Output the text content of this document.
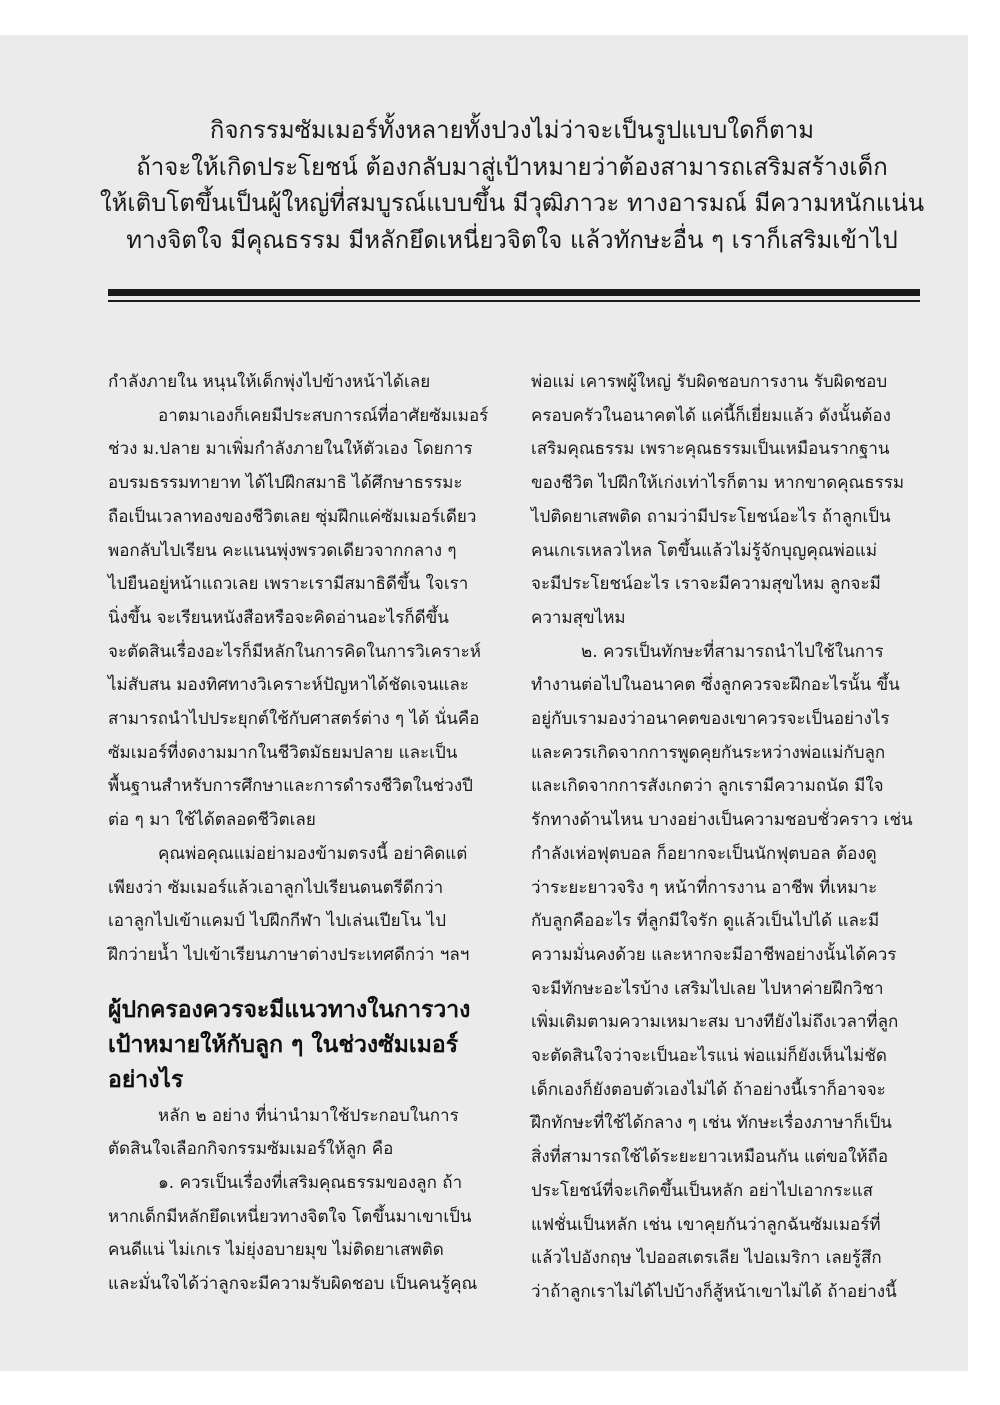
กิจกรรมซัมเมอร์ทั้งหลายทั้งปวงไม่ว่าจะเป็นรูปแบบใดก็ตาม
ถ้าจะให้เกิดประโยชน์ ต้องกลับมาสู่เป้าหมายว่าต้องสามารถเสริมสร้างเด็ก
ให้เติบโตขึ้นเป็นผู้ใหญ่ที่สมบูรณ์แบบขึ้น มีวุฒิภาวะ ทางอารมณ์ มีความหนักแน่น
ทางจิตใจ มีคุณธรรม มีหลักยึดเหนี่ยวจิตใจ แล้วทักษะอื่น ๆ เราก็เสริมเข้าไป

กำลังภายใน หนุนให้เด็กพุ่งไปข้างหน้าได้เลย

อาตมาเองก็เคยมีประสบการณ์ที่อาศัยซัมเมอร์

ช่วง ม.ปลาย มาเพิ่มกำลังภายในให้ตัวเอง โดยการ

อบรมธรรมทายาท ได้ไปฝึกสมาธิ ได้ศึกษาธรรมะ

ถือเป็นเวลาทองของชีวิตเลย ซุ่มฝึกแค่ซัมเมอร์เดียว

พอกลับไปเรียน คะแนนพุ่งพรวดเดียวจากกลาง ๆ

ไปยืนอยู่หน้าแถวเลย เพราะเรามีสมาธิดีขึ้น ใจเรา

นิ่งขึ้น จะเรียนหนังสือหรือจะคิดอ่านอะไรก็ดีขึ้น

จะตัดสินเรื่องอะไรก็มีหลักในการคิดในการวิเคราะห์

ไม่สับสน มองทิศทางวิเคราะห์ปัญหาได้ชัดเจนและ

สามารถนำไปประยุกต์ใช้กับศาสตร์ต่าง ๆ ได้ นั่นคือ

ซัมเมอร์ที่งดงามมากในชีวิตมัธยมปลาย และเป็น

พื้นฐานสำหรับการศึกษาและการดำรงชีวิตในช่วงปี

ต่อ ๆ มา ใช้ได้ตลอดชีวิตเลย

คุณพ่อคุณแม่อย่ามองข้ามตรงนี้ อย่าคิดแต่

เพียงว่า ซัมเมอร์แล้วเอาลูกไปเรียนดนตรีดีกว่า

เอาลูกไปเข้าแคมป์ ไปฝึกกีฬา ไปเล่นเปียโน ไป

ฝึกว่ายน้ำ ไปเข้าเรียนภาษาต่างประเทศดีกว่า ฯลฯ

ผู้ปกครองควรจะมีแนวทางในการวาง
เป้าหมายให้กับลูก ๆ ในช่วงซัมเมอร์
อย่างไร

หลัก ๒ อย่าง ที่น่านำมาใช้ประกอบในการ

ตัดสินใจเลือกกิจกรรมซัมเมอร์ให้ลูก คือ

๑. ควรเป็นเรื่องที่เสริมคุณธรรมของลูก ถ้า

หากเด็กมีหลักยึดเหนี่ยวทางจิตใจ โตขึ้นมาเขาเป็น

คนดีแน่ ไม่เกเร ไม่ยุ่งอบายมุข ไม่ติดยาเสพติด

และมั่นใจได้ว่าลูกจะมีความรับผิดชอบ เป็นคนรู้คุณ

พ่อแม่ เคารพผู้ใหญ่ รับผิดชอบการงาน รับผิดชอบ

ครอบครัวในอนาคตได้ แค่นี้ก็เยี่ยมแล้ว ดังนั้นต้อง

เสริมคุณธรรม เพราะคุณธรรมเป็นเหมือนรากฐาน

ของชีวิต ไปฝึกให้เก่งเท่าไรก็ตาม หากขาดคุณธรรม

ไปติดยาเสพติด ถามว่ามีประโยชน์อะไร ถ้าลูกเป็น

คนเกเรเหลวไหล โตขึ้นแล้วไม่รู้จักบุญคุณพ่อแม่

จะมีประโยชน์อะไร เราจะมีความสุขไหม ลูกจะมี

ความสุขไหม

๒. ควรเป็นทักษะที่สามารถนำไปใช้ในการ

ทำงานต่อไปในอนาคต ซึ่งลูกควรจะฝึกอะไรนั้น ขึ้น

อยู่กับเรามองว่าอนาคตของเขาควรจะเป็นอย่างไร

และควรเกิดจากการพูดคุยกันระหว่างพ่อแม่กับลูก

และเกิดจากการสังเกตว่า ลูกเรามีความถนัด มีใจ

รักทางด้านไหน บางอย่างเป็นความชอบชั่วคราว เช่น

กำลังเห่อฟุตบอล ก็อยากจะเป็นนักฟุตบอล ต้องดู

ว่าระยะยาวจริง ๆ หน้าที่การงาน อาชีพ ที่เหมาะ

กับลูกคืออะไร ที่ลูกมีใจรัก ดูแล้วเป็นไปได้ และมี

ความมั่นคงด้วย และหากจะมีอาชีพอย่างนั้นได้ควร

จะมีทักษะอะไรบ้าง เสริมไปเลย ไปหาค่ายฝึกวิชา

เพิ่มเติมตามความเหมาะสม บางทียังไม่ถึงเวลาที่ลูก

จะตัดสินใจว่าจะเป็นอะไรแน่ พ่อแม่ก็ยังเห็นไม่ชัด

เด็กเองก็ยังตอบตัวเองไม่ได้ ถ้าอย่างนี้เราก็อาจจะ

ฝึกทักษะที่ใช้ได้กลาง ๆ เช่น ทักษะเรื่องภาษาก็เป็น

สิ่งที่สามารถใช้ได้ระยะยาวเหมือนกัน แต่ขอให้ถือ

ประโยชน์ที่จะเกิดขึ้นเป็นหลัก อย่าไปเอากระแส

แฟชั่นเป็นหลัก เช่น เขาคุยกันว่าลูกฉันซัมเมอร์ที่

แล้วไปอังกฤษ ไปออสเตรเลีย ไปอเมริกา เลยรู้สึก

ว่าถ้าลูกเราไม่ได้ไปบ้างก็สู้หน้าเขาไม่ได้ ถ้าอย่างนี้
